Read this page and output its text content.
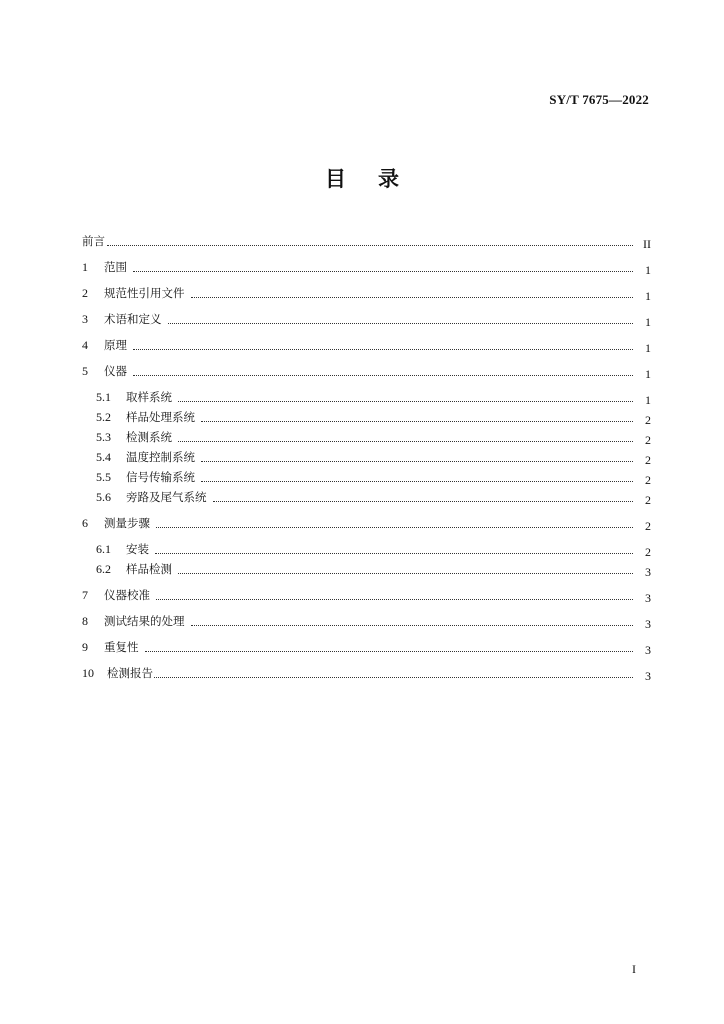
SY/T 7675—2022
目录
前言	II
1	范围	1
2	规范性引用文件	1
3	术语和定义	1
4	原理	1
5	仪器	1
5.1	取样系统	1
5.2	样品处理系统	2
5.3	检测系统	2
5.4	温度控制系统	2
5.5	信号传输系统	2
5.6	旁路及尾气系统	2
6	测量步骤	2
6.1	安装	2
6.2	样品检测	3
7	仪器校准	3
8	测试结果的处理	3
9	重复性	3
10	检测报告	3
I
